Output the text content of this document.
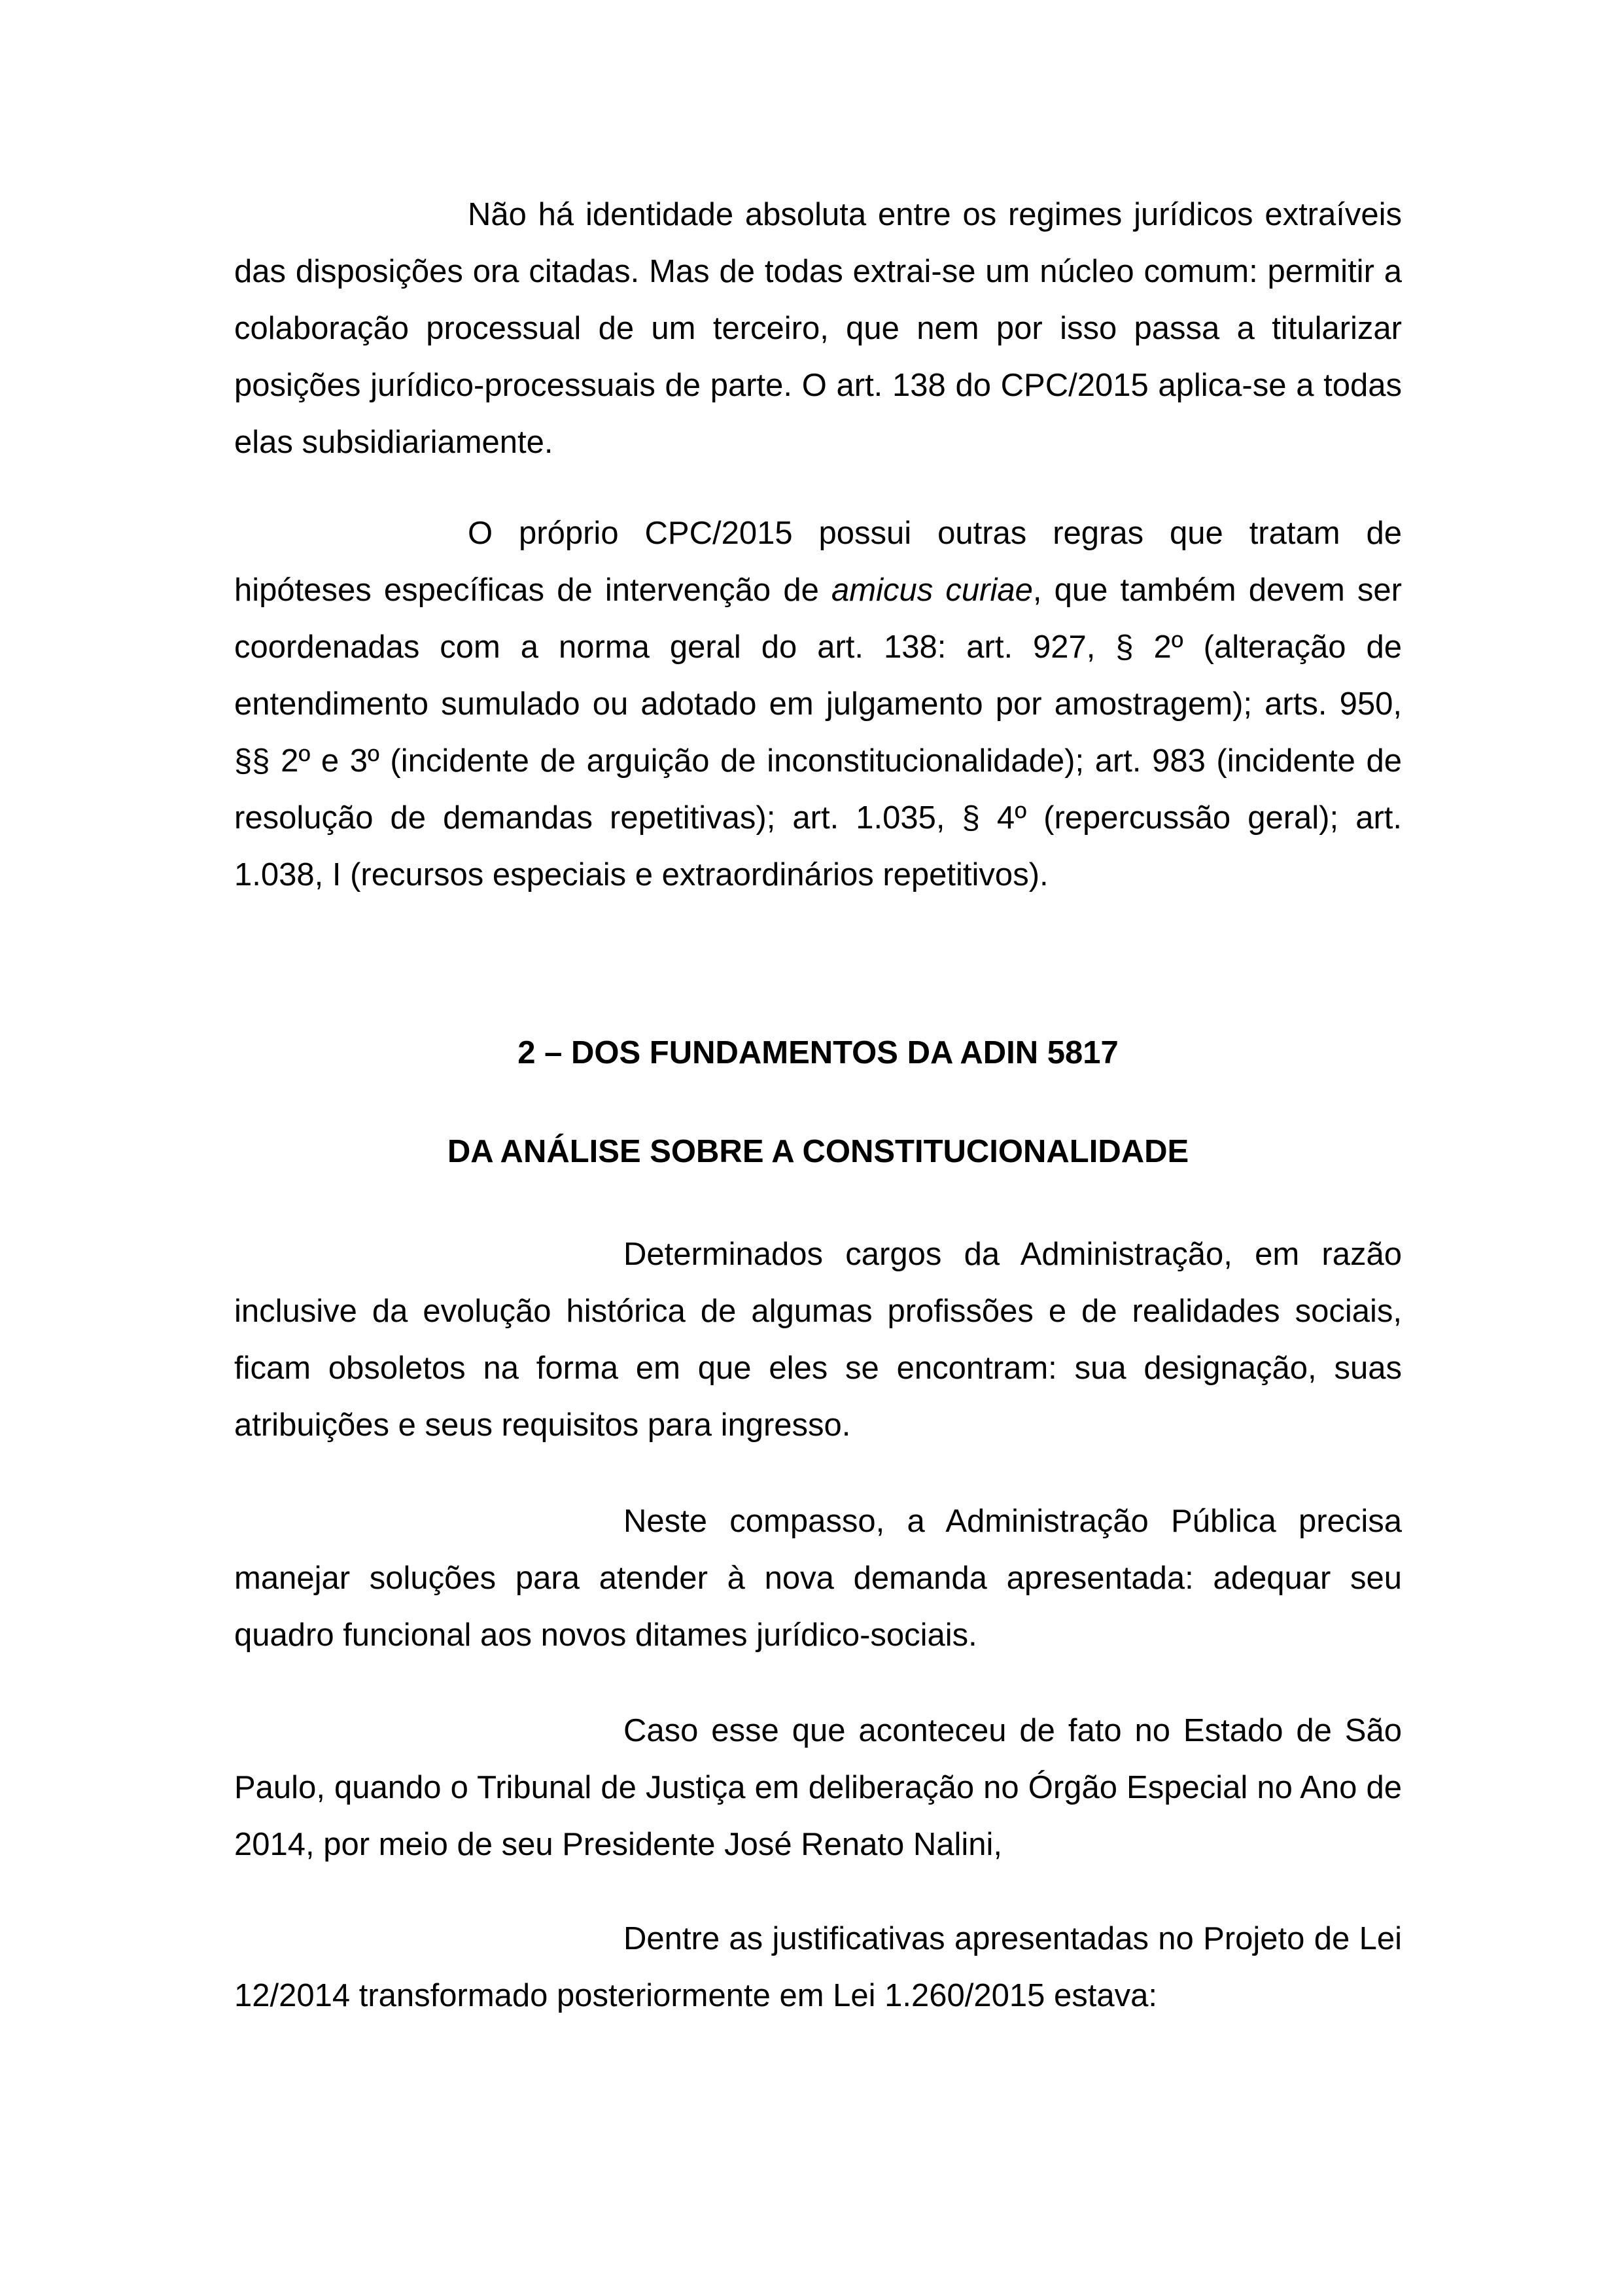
Não há identidade absoluta entre os regimes jurídicos extraíveis das disposições ora citadas. Mas de todas extrai-se um núcleo comum: permitir a colaboração processual de um terceiro, que nem por isso passa a titularizar posições jurídico-processuais de parte. O art. 138 do CPC/2015 aplica-se a todas elas subsidiariamente.

O próprio CPC/2015 possui outras regras que tratam de hipóteses específicas de intervenção de amicus curiae, que também devem ser coordenadas com a norma geral do art. 138: art. 927, § 2º (alteração de entendimento sumulado ou adotado em julgamento por amostragem); arts. 950, §§ 2º e 3º (incidente de arguição de inconstitucionalidade); art. 983 (incidente de resolução de demandas repetitivas); art. 1.035, § 4º (repercussão geral); art. 1.038, I (recursos especiais e extraordinários repetitivos).

2 – DOS FUNDAMENTOS DA ADIN 5817

DA ANÁLISE SOBRE A CONSTITUCIONALIDADE

Determinados cargos da Administração, em razão inclusive da evolução histórica de algumas profissões e de realidades sociais, ficam obsoletos na forma em que eles se encontram: sua designação, suas atribuições e seus requisitos para ingresso.

Neste compasso, a Administração Pública precisa manejar soluções para atender à nova demanda apresentada: adequar seu quadro funcional aos novos ditames jurídico-sociais.

Caso esse que aconteceu de fato no Estado de São Paulo, quando o Tribunal de Justiça em deliberação no Órgão Especial no Ano de 2014, por meio de seu Presidente José Renato Nalini,

Dentre as justificativas apresentadas no Projeto de Lei 12/2014 transformado posteriormente em Lei 1.260/2015 estava:
